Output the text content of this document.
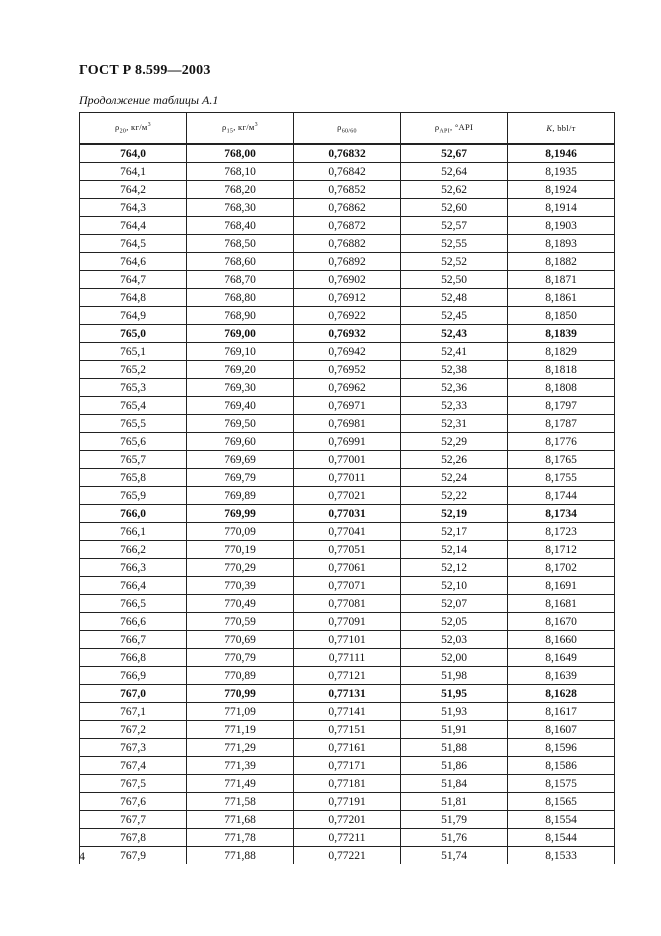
ГОСТ Р 8.599—2003
Продолжение таблицы А.1
$\rho_{20}$, $кг/м^3$	$\rho_{15}$, $кг/м^3$	$\rho_{60/60}$	$\rho_{API}$, °API	K, bbl/т
764,0	768,00	0,76832	52,67	8,1946
764,1	768,10	0,76842	52,64	8,1935
764,2	768,20	0,76852	52,62	8,1924
764,3	768,30	0,76862	52,60	8,1914
764,4	768,40	0,76872	52,57	8,1903
764,5	768,50	0,76882	52,55	8,1893
764,6	768,60	0,76892	52,52	8,1882
764,7	768,70	0,76902	52,50	8,1871
764,8	768,80	0,76912	52,48	8,1861
764,9	768,90	0,76922	52,45	8,1850
765,0	769,00	0,76932	52,43	8,1839
765,1	769,10	0,76942	52,41	8,1829
765,2	769,20	0,76952	52,38	8,1818
765,3	769,30	0,76962	52,36	8,1808
765,4	769,40	0,76971	52,33	8,1797
765,5	769,50	0,76981	52,31	8,1787
765,6	769,60	0,76991	52,29	8,1776
765,7	769,69	0,77001	52,26	8,1765
765,8	769,79	0,77011	52,24	8,1755
765,9	769,89	0,77021	52,22	8,1744
766,0	769,99	0,77031	52,19	8,1734
766,1	770,09	0,77041	52,17	8,1723
766,2	770,19	0,77051	52,14	8,1712
766,3	770,29	0,77061	52,12	8,1702
766,4	770,39	0,77071	52,10	8,1691
766,5	770,49	0,77081	52,07	8,1681
766,6	770,59	0,77091	52,05	8,1670
766,7	770,69	0,77101	52,03	8,1660
766,8	770,79	0,77111	52,00	8,1649
766,9	770,89	0,77121	51,98	8,1639
767,0	770,99	0,77131	51,95	8,1628
767,1	771,09	0,77141	51,93	8,1617
767,2	771,19	0,77151	51,91	8,1607
767,3	771,29	0,77161	51,88	8,1596
767,4	771,39	0,77171	51,86	8,1586
767,5	771,49	0,77181	51,84	8,1575
767,6	771,58	0,77191	51,81	8,1565
767,7	771,68	0,77201	51,79	8,1554
767,8	771,78	0,77211	51,76	8,1544
767,9	771,88	0,77221	51,74	8,1533
4
